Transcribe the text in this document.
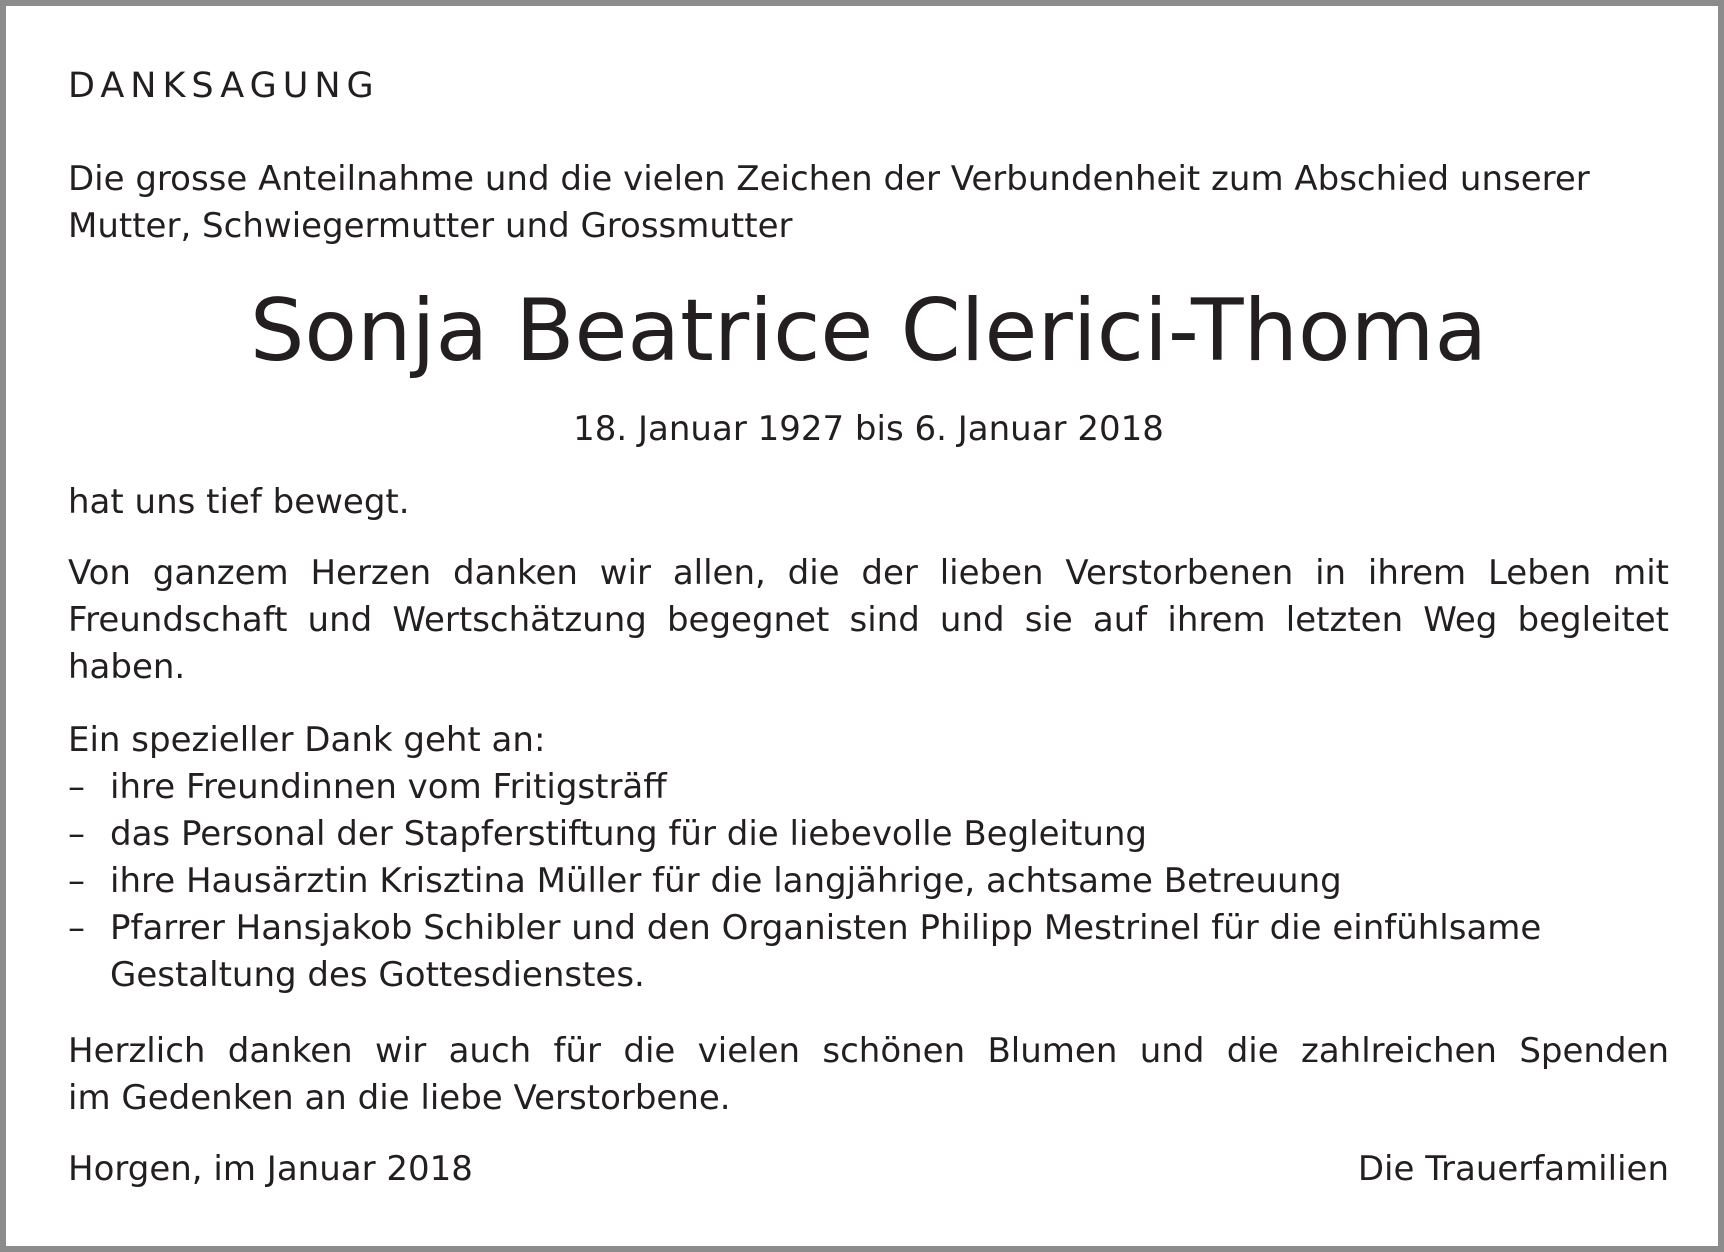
DANKSAGUNG
Die grosse Anteilnahme und die vielen Zeichen der Verbundenheit zum Abschied unserer
Mutter, Schwiegermutter und Grossmutter
Sonja Beatrice Clerici-Thoma
18. Januar 1927 bis 6. Januar 2018
hat uns tief bewegt.
Von ganzem Herzen danken wir allen, die der lieben Verstorbenen in ihrem Leben mit
Freundschaft und Wertschätzung begegnet sind und sie auf ihrem letzten Weg begleitet
haben.
Ein spezieller Dank geht an:
– ihre Freundinnen vom Fritigsträff
– das Personal der Stapferstiftung für die liebevolle Begleitung
– ihre Hausärztin Krisztina Müller für die langjährige, achtsame Betreuung
– Pfarrer Hansjakob Schibler und den Organisten Philipp Mestrinel für die einfühlsame
Gestaltung des Gottesdienstes.
Herzlich danken wir auch für die vielen schönen Blumen und die zahlreichen Spenden
im Gedenken an die liebe Verstorbene.
Horgen, im Januar 2018	Die Trauerfamilien
